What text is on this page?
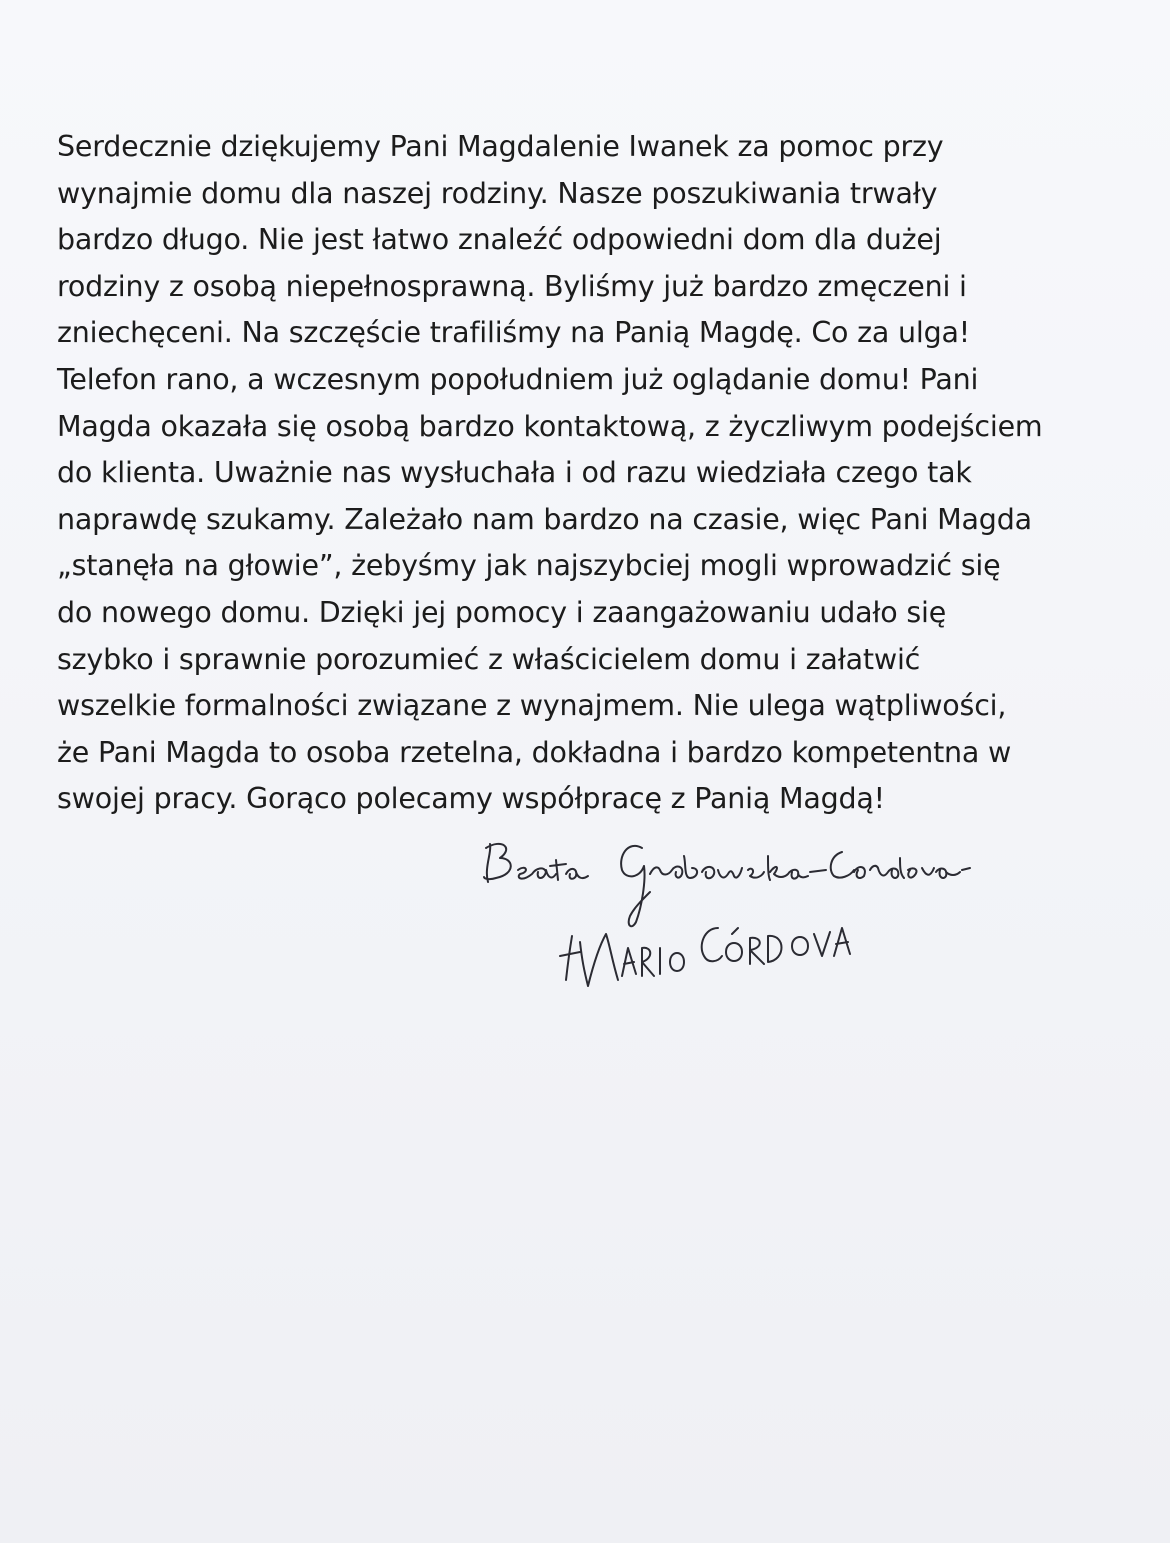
Serdecznie dziękujemy Pani Magdalenie Iwanek za pomoc przy
wynajmie domu dla naszej rodziny. Nasze poszukiwania trwały
bardzo długo. Nie jest łatwo znaleźć odpowiedni dom dla dużej
rodziny z osobą niepełnosprawną. Byliśmy już bardzo zmęczeni i
zniechęceni. Na szczęście trafiliśmy na Panią Magdę. Co za ulga!
Telefon rano, a wczesnym popołudniem już oglądanie domu! Pani
Magda okazała się osobą bardzo kontaktową, z życzliwym podejściem
do klienta. Uważnie nas wysłuchała i od razu wiedziała czego tak
naprawdę szukamy. Zależało nam bardzo na czasie, więc Pani Magda
„stanęła na głowie”, żebyśmy jak najszybciej mogli wprowadzić się
do nowego domu. Dzięki jej pomocy i zaangażowaniu udało się
szybko i sprawnie porozumieć z właścicielem domu i załatwić
wszelkie formalności związane z wynajmem. Nie ulega wątpliwości,
że Pani Magda to osoba rzetelna, dokładna i bardzo kompetentna w
swojej pracy. Gorąco polecamy współpracę z Panią Magdą!
